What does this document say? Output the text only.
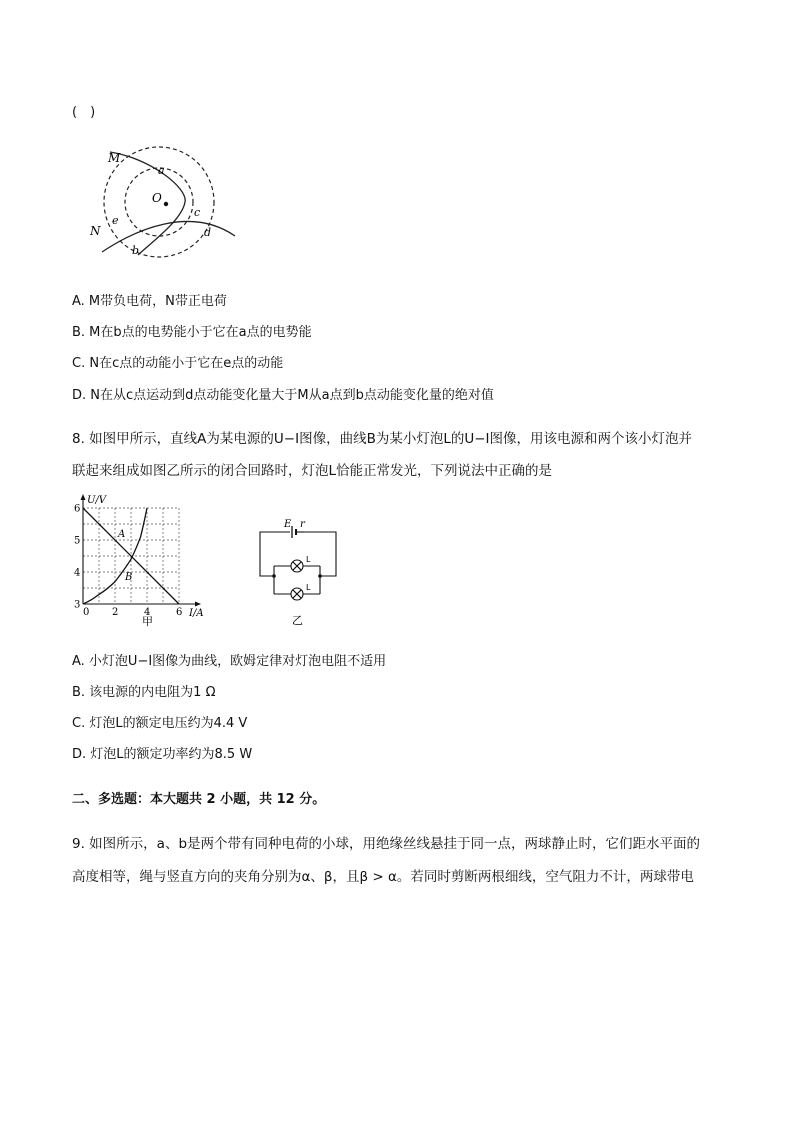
(　)
M
N
a
b
c
d
e
O
A. M带负电荷，N带正电荷
B. M在b点的电势能小于它在a点的电势能
C. N在c点的动能小于它在e点的动能
D. N在从c点运动到d点动能变化量大于M从a点到b点动能变化量的绝对值
8. 如图甲所示，直线A为某电源的U−I图像，曲线B为某小灯泡L的U−I图像，用该电源和两个该小灯泡并
联起来组成如图乙所示的闭合回路时，灯泡L恰能正常发光，下列说法中正确的是
3
4
5
6
0 2	4	6
U/V
I/A
A
B
甲
E r
L
L
乙
A. 小灯泡U−I图像为曲线，欧姆定律对灯泡电阻不适用
B. 该电源的内电阻为1 Ω
C. 灯泡L的额定电压约为4.4 V
D. 灯泡L的额定功率约为8.5 W
二、多选题：本大题共 2 小题，共 12 分。
9. 如图所示，a、b是两个带有同种电荷的小球，用绝缘丝线悬挂于同一点，两球静止时，它们距水平面的
高度相等，绳与竖直方向的夹角分别为α、β，且β > α。若同时剪断两根细线，空气阻力不计，两球带电
